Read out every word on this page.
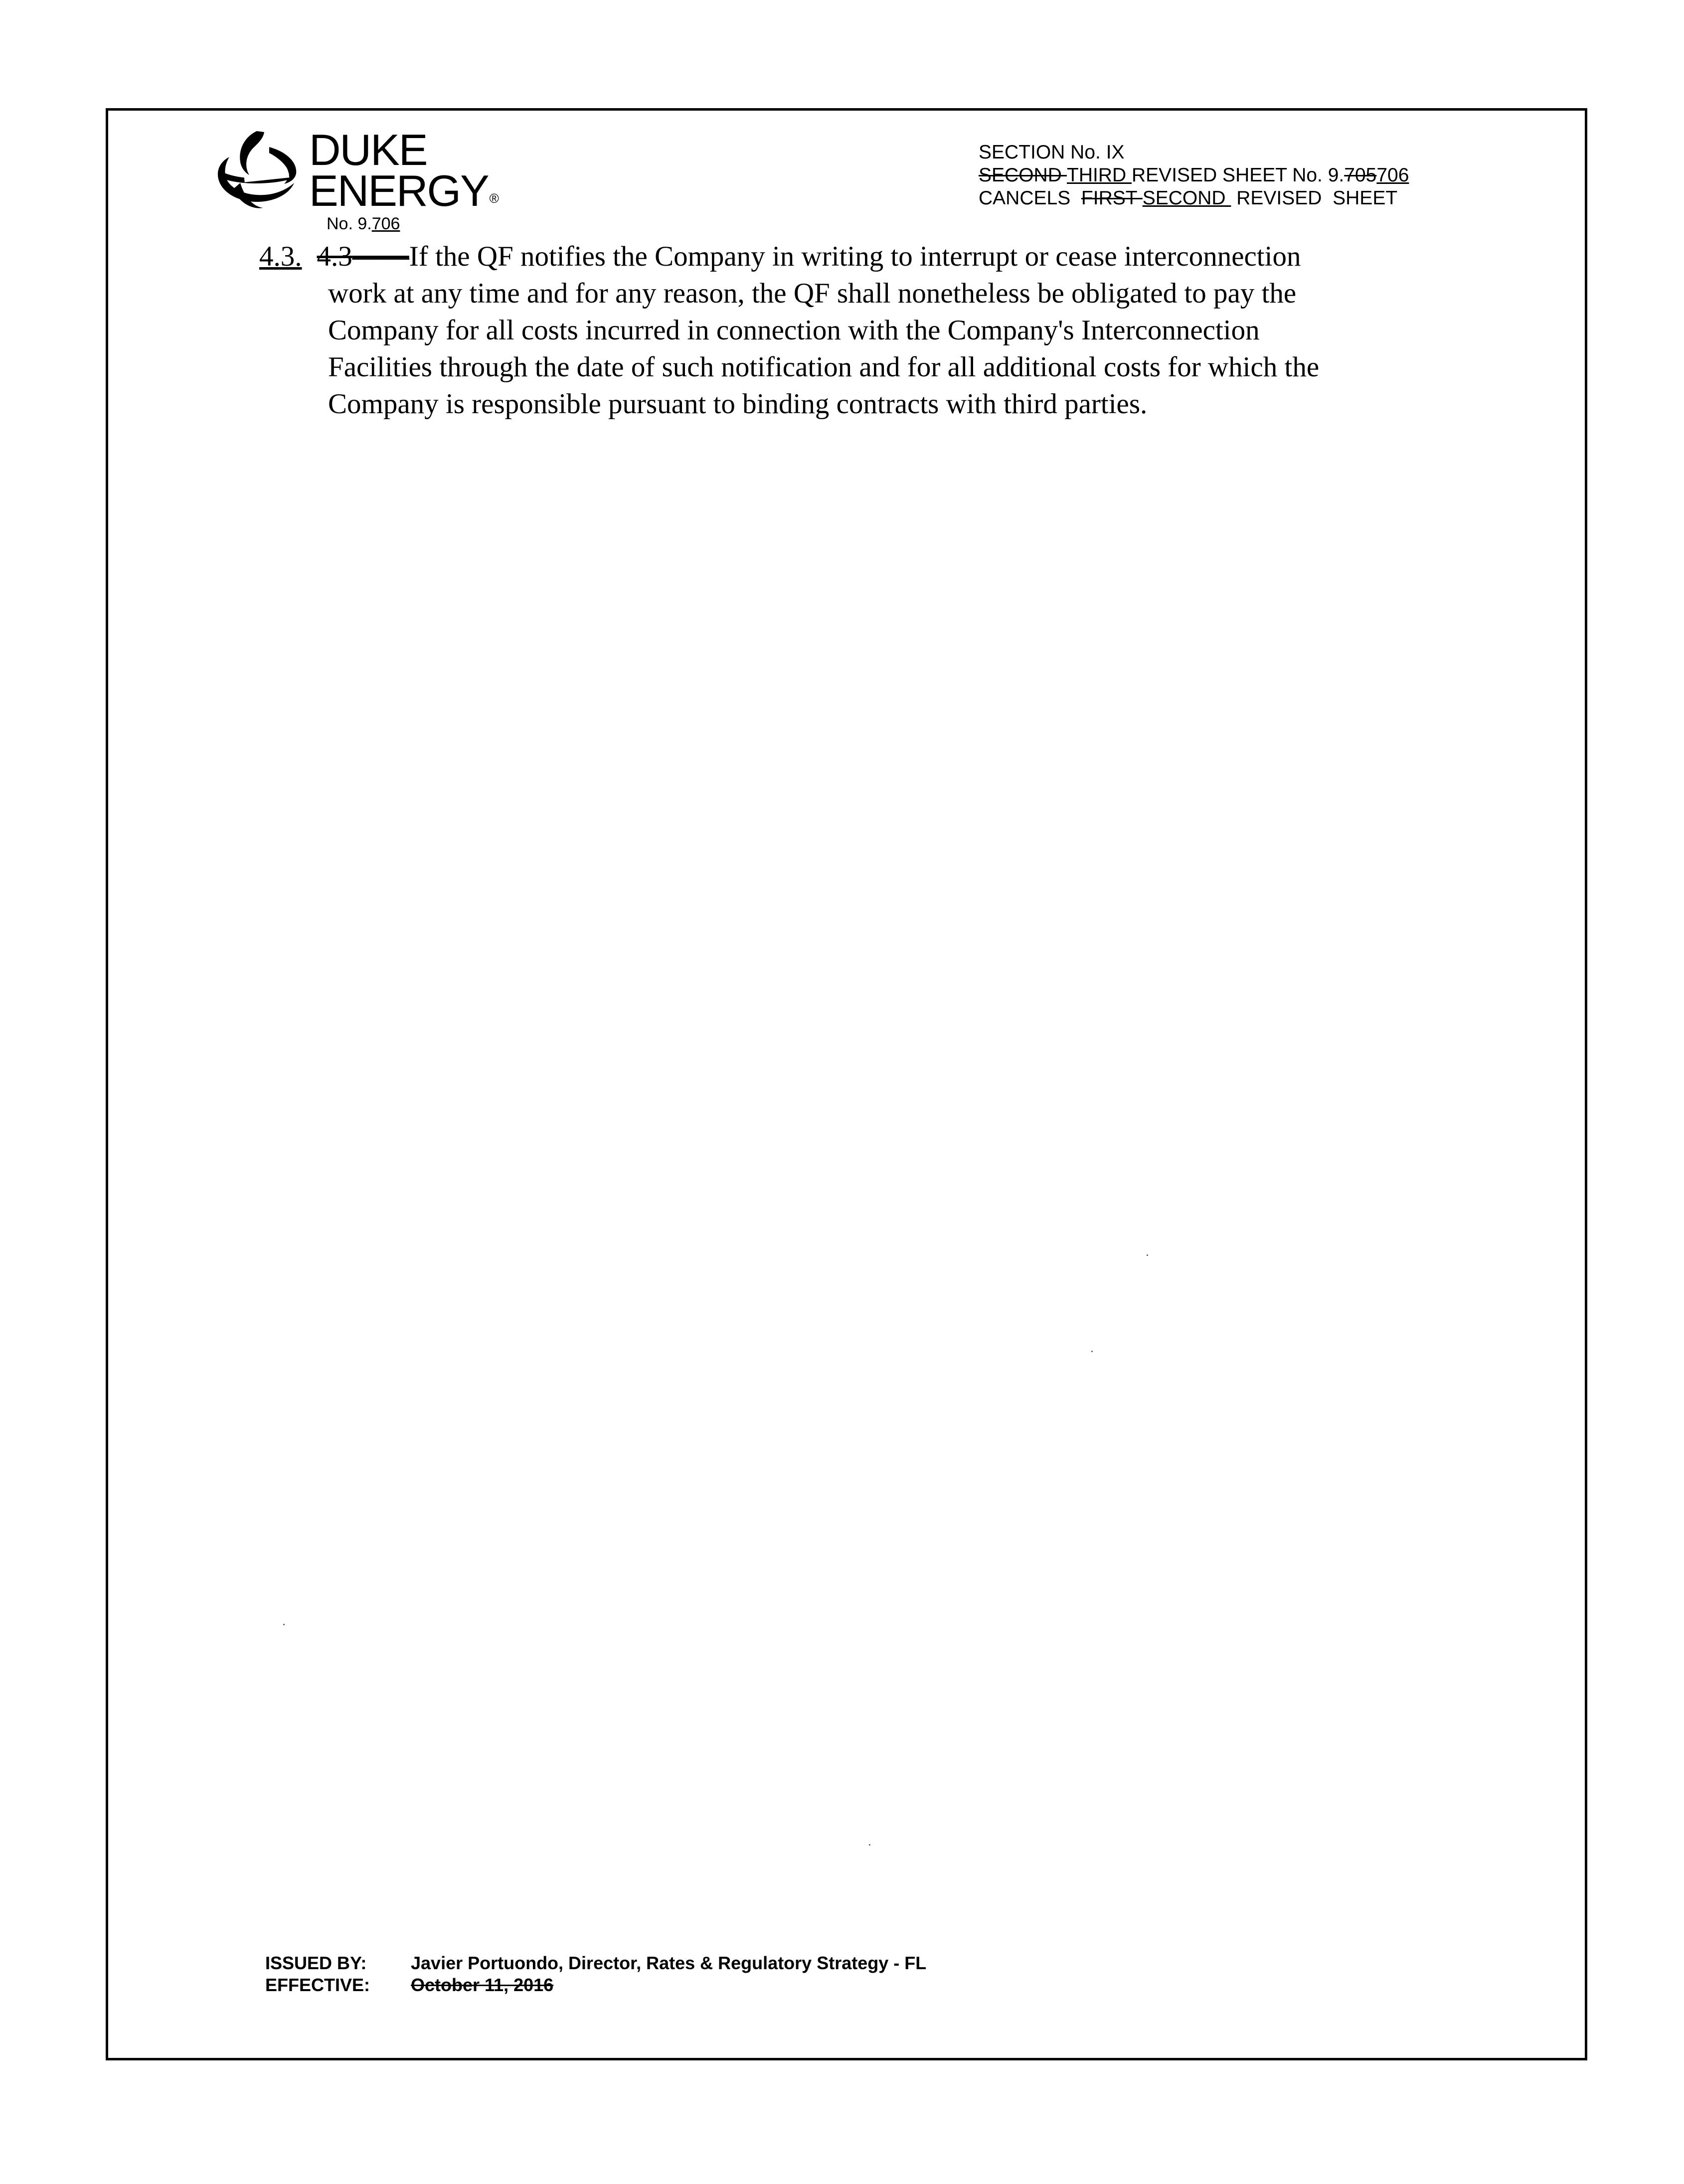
DUKE
ENERGY®
No. 9.706
SECTION No. IX
SECOND THIRD REVISED SHEET No. 9.705706
CANCELS  FIRST SECOND  REVISED  SHEET
4.3. 4.3——If the QF notifies the Company in writing to interrupt or cease interconnection
work at any time and for any reason, the QF shall nonetheless be obligated to pay the
Company for all costs incurred in connection with the Company's Interconnection
Facilities through the date of such notification and for all additional costs for which the
Company is responsible pursuant to binding contracts with third parties.
ISSUED BY: Javier Portuondo, Director, Rates & Regulatory Strategy - FL
EFFECTIVE: October 11, 2016
